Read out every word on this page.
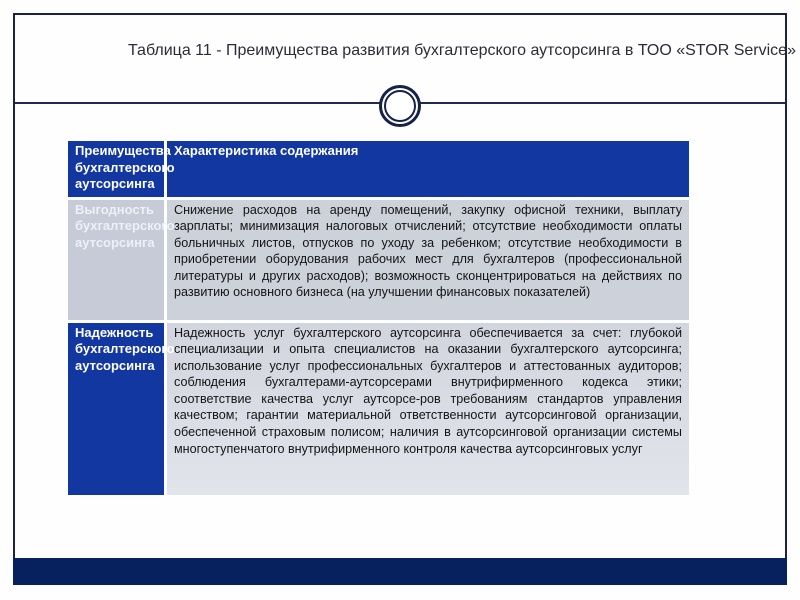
Таблица 11 - Преимущества развития бухгалтерского аутсорсинга в ТОО «STOR Service»
Преимущества бухгалтерского аутсорсинга	Характеристика содержания
Выгодность бухгалтерского аутсорсинга	Снижение расходов на аренду помещений, закупку офисной техники, выплату зарплаты; минимизация налоговых отчислений; отсутствие необходимости оплаты больничных листов, отпусков по уходу за ребенком; отсутствие необходимости в приобретении оборудования рабочих мест для бухгалтеров (профессиональной литературы и других расходов); возможность сконцентрироваться на действиях по развитию основного бизнеса (на улучшении финансовых показателей)
Надежность бухгалтерского аутсорсинга	Надежность услуг бухгалтерского аутсорсинга обеспечивается за счет: глубокой специализации и опыта специалистов на оказании бухгалтерского аутсорсинга; использование услуг профессиональных бухгалтеров и аттестованных аудиторов; соблюдения бухгалтерами-аутсорсерами внутрифирменного кодекса этики; соответствие качества услуг аутсорсе-ров требованиям стандартов управления качеством; гарантии материальной ответственности аутсорсинговой организации, обеспеченной страховым полисом; наличия в аутсорсинговой организации системы многоступенчатого внутрифирменного контроля качества аутсорсинговых услуг
